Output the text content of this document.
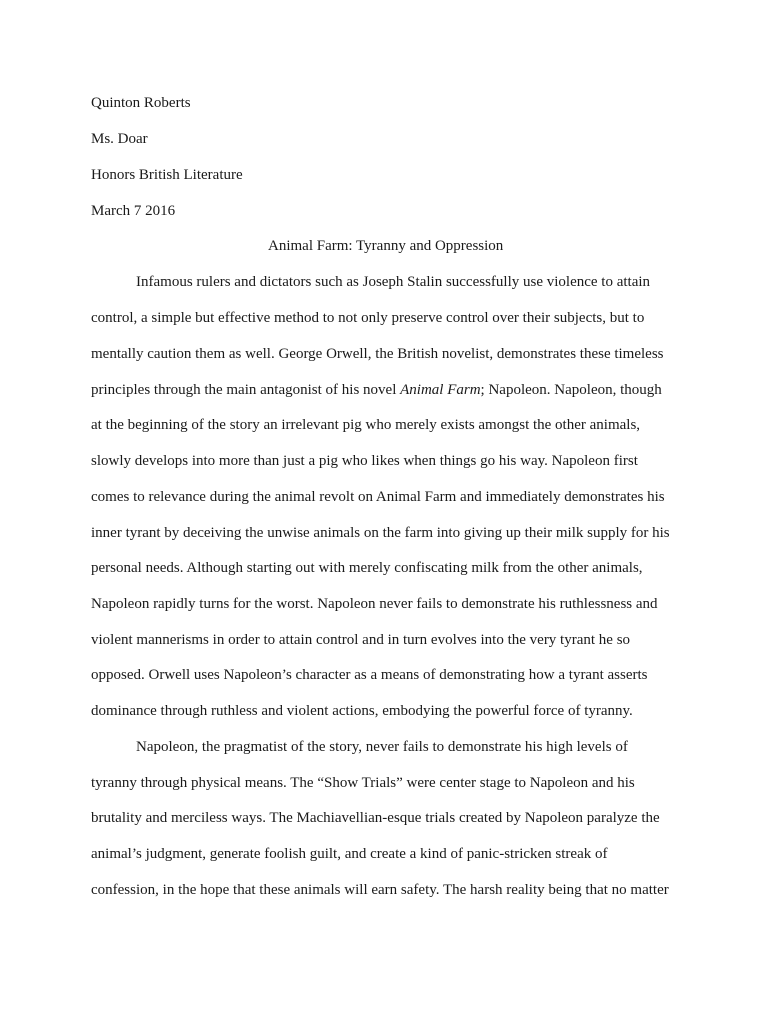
Quinton Roberts
Ms. Doar
Honors British Literature
March 7 2016
Animal Farm: Tyranny and Oppression
Infamous rulers and dictators such as Joseph Stalin successfully use violence to attain
control, a simple but effective method to not only preserve control over their subjects, but to
mentally caution them as well. George Orwell, the British novelist, demonstrates these timeless
principles through the main antagonist of his novel Animal Farm; Napoleon. Napoleon, though
at the beginning of the story an irrelevant pig who merely exists amongst the other animals,
slowly develops into more than just a pig who likes when things go his way. Napoleon first
comes to relevance during the animal revolt on Animal Farm and immediately demonstrates his
inner tyrant by deceiving the unwise animals on the farm into giving up their milk supply for his
personal needs. Although starting out with merely confiscating milk from the other animals,
Napoleon rapidly turns for the worst. Napoleon never fails to demonstrate his ruthlessness and
violent mannerisms in order to attain control and in turn evolves into the very tyrant he so
opposed. Orwell uses Napoleon’s character as a means of demonstrating how a tyrant asserts
dominance through ruthless and violent actions, embodying the powerful force of tyranny.
Napoleon, the pragmatist of the story, never fails to demonstrate his high levels of
tyranny through physical means. The “Show Trials” were center stage to Napoleon and his
brutality and merciless ways. The Machiavellian-esque trials created by Napoleon paralyze the
animal’s judgment, generate foolish guilt, and create a kind of panic-stricken streak of
confession, in the hope that these animals will earn safety. The harsh reality being that no matter
